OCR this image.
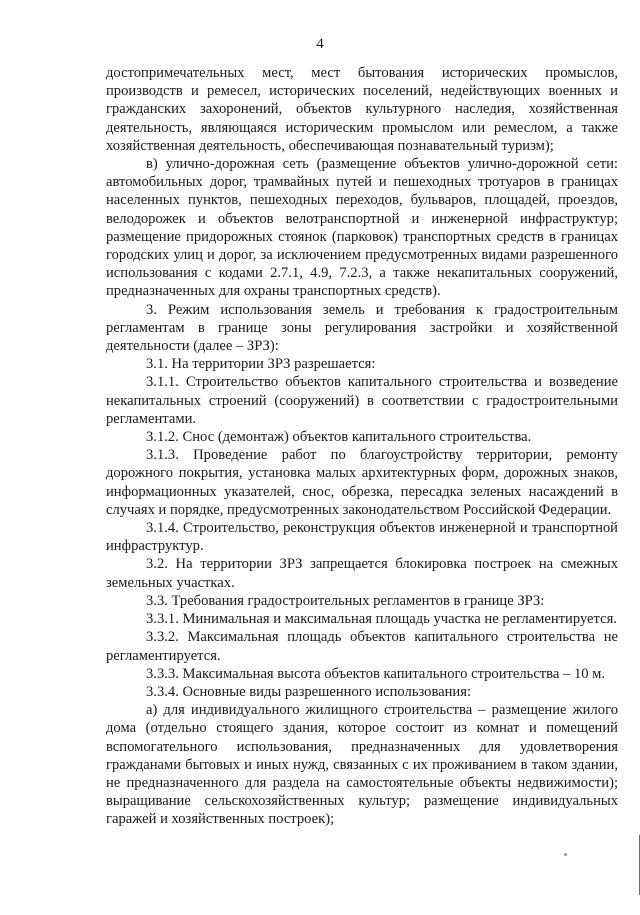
4

достопримечательных мест, мест бытования исторических промыслов, производств и ремесел, исторических поселений, недействующих военных и гражданских захоронений, объектов культурного наследия, хозяйственная деятельность, являющаяся историческим промыслом или ремеслом, а также хозяйственная деятельность, обеспечивающая познавательный туризм);

в) улично-дорожная сеть (размещение объектов улично-дорожной сети: автомобильных дорог, трамвайных путей и пешеходных тротуаров в границах населенных пунктов, пешеходных переходов, бульваров, площадей, проездов, велодорожек и объектов велотранспортной и инженерной инфраструктур; размещение придорожных стоянок (парковок) транспортных средств в границах городских улиц и дорог, за исключением предусмотренных видами разрешенного использования с кодами 2.7.1, 4.9, 7.2.3, а также некапитальных сооружений, предназначенных для охраны транспортных средств).

3. Режим использования земель и требования к градостроительным регламентам в границе зоны регулирования застройки и хозяйственной деятельности (далее – ЗРЗ):

3.1. На территории ЗРЗ разрешается:

3.1.1. Строительство объектов капитального строительства и возведение некапитальных строений (сооружений) в соответствии с градостроительными регламентами.

3.1.2. Снос (демонтаж) объектов капитального строительства.

3.1.3. Проведение работ по благоустройству территории, ремонту дорожного покрытия, установка малых архитектурных форм, дорожных знаков, информационных указателей, снос, обрезка, пересадка зеленых насаждений в случаях и порядке, предусмотренных законодательством Российской Федерации.

3.1.4. Строительство, реконструкция объектов инженерной и транспортной инфраструктур.

3.2. На территории ЗРЗ запрещается блокировка построек на смежных земельных участках.

3.3. Требования градостроительных регламентов в границе ЗРЗ:

3.3.1. Минимальная и максимальная площадь участка не регламентируется.

3.3.2. Максимальная площадь объектов капитального строительства не регламентируется.

3.3.3. Максимальная высота объектов капитального строительства – 10 м.

3.3.4. Основные виды разрешенного использования:

а) для индивидуального жилищного строительства – размещение жилого дома (отдельно стоящего здания, которое состоит из комнат и помещений вспомогательного использования, предназначенных для удовлетворения гражданами бытовых и иных нужд, связанных с их проживанием в таком здании, не предназначенного для раздела на самостоятельные объекты недвижимости); выращивание сельскохозяйственных культур; размещение индивидуальных гаражей и хозяйственных построек);
